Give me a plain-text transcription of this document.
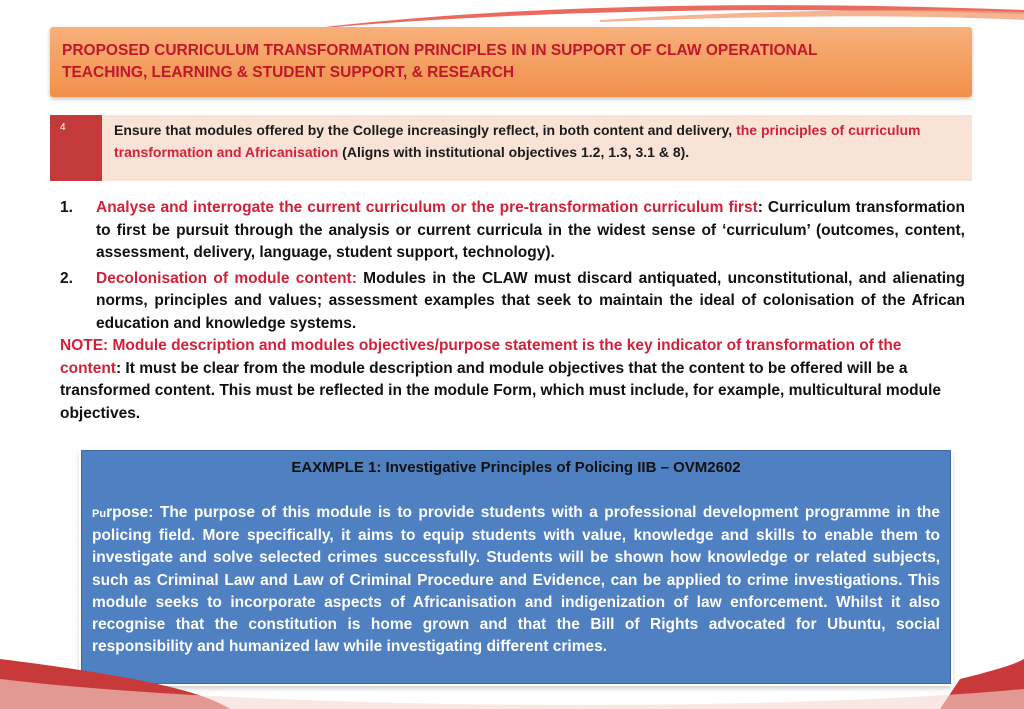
PROPOSED CURRICULUM TRANSFORMATION PRINCIPLES IN IN SUPPORT OF CLAW OPERATIONAL
TEACHING, LEARNING & STUDENT SUPPORT, & RESEARCH
4	Ensure that modules offered by the College increasingly reflect, in both content and delivery, the principles of curriculum transformation and Africanisation (Aligns with institutional objectives 1.2, 1.3, 3.1 & 8).
1. Analyse and interrogate the current curriculum or the pre-transformation curriculum first: Curriculum transformation to first be pursuit through the analysis or current curricula in the widest sense of ‘curriculum’ (outcomes, content, assessment, delivery, language, student support, technology).
2. Decolonisation of module content: Modules in the CLAW must discard antiquated, unconstitutional, and alienating norms, principles and values; assessment examples that seek to maintain the ideal of colonisation of the African education and knowledge systems.
NOTE: Module description and modules objectives/purpose statement is the key indicator of transformation of the content: It must be clear from the module description and module objectives that the content to be offered will be a transformed content. This must be reflected in the module Form, which must include, for example, multicultural module objectives.
EAXMPLE 1: Investigative Principles of Policing IIB – OVM2602
Purpose: The purpose of this module is to provide students with a professional development programme in the policing field. More specifically, it aims to equip students with value, knowledge and skills to enable them to investigate and solve selected crimes successfully. Students will be shown how knowledge or related subjects, such as Criminal Law and Law of Criminal Procedure and Evidence, can be applied to crime investigations. This module seeks to incorporate aspects of Africanisation and indigenization of law enforcement. Whilst it also recognise that the constitution is home grown and that the Bill of Rights advocated for Ubuntu, social responsibility and humanized law while investigating different crimes.
